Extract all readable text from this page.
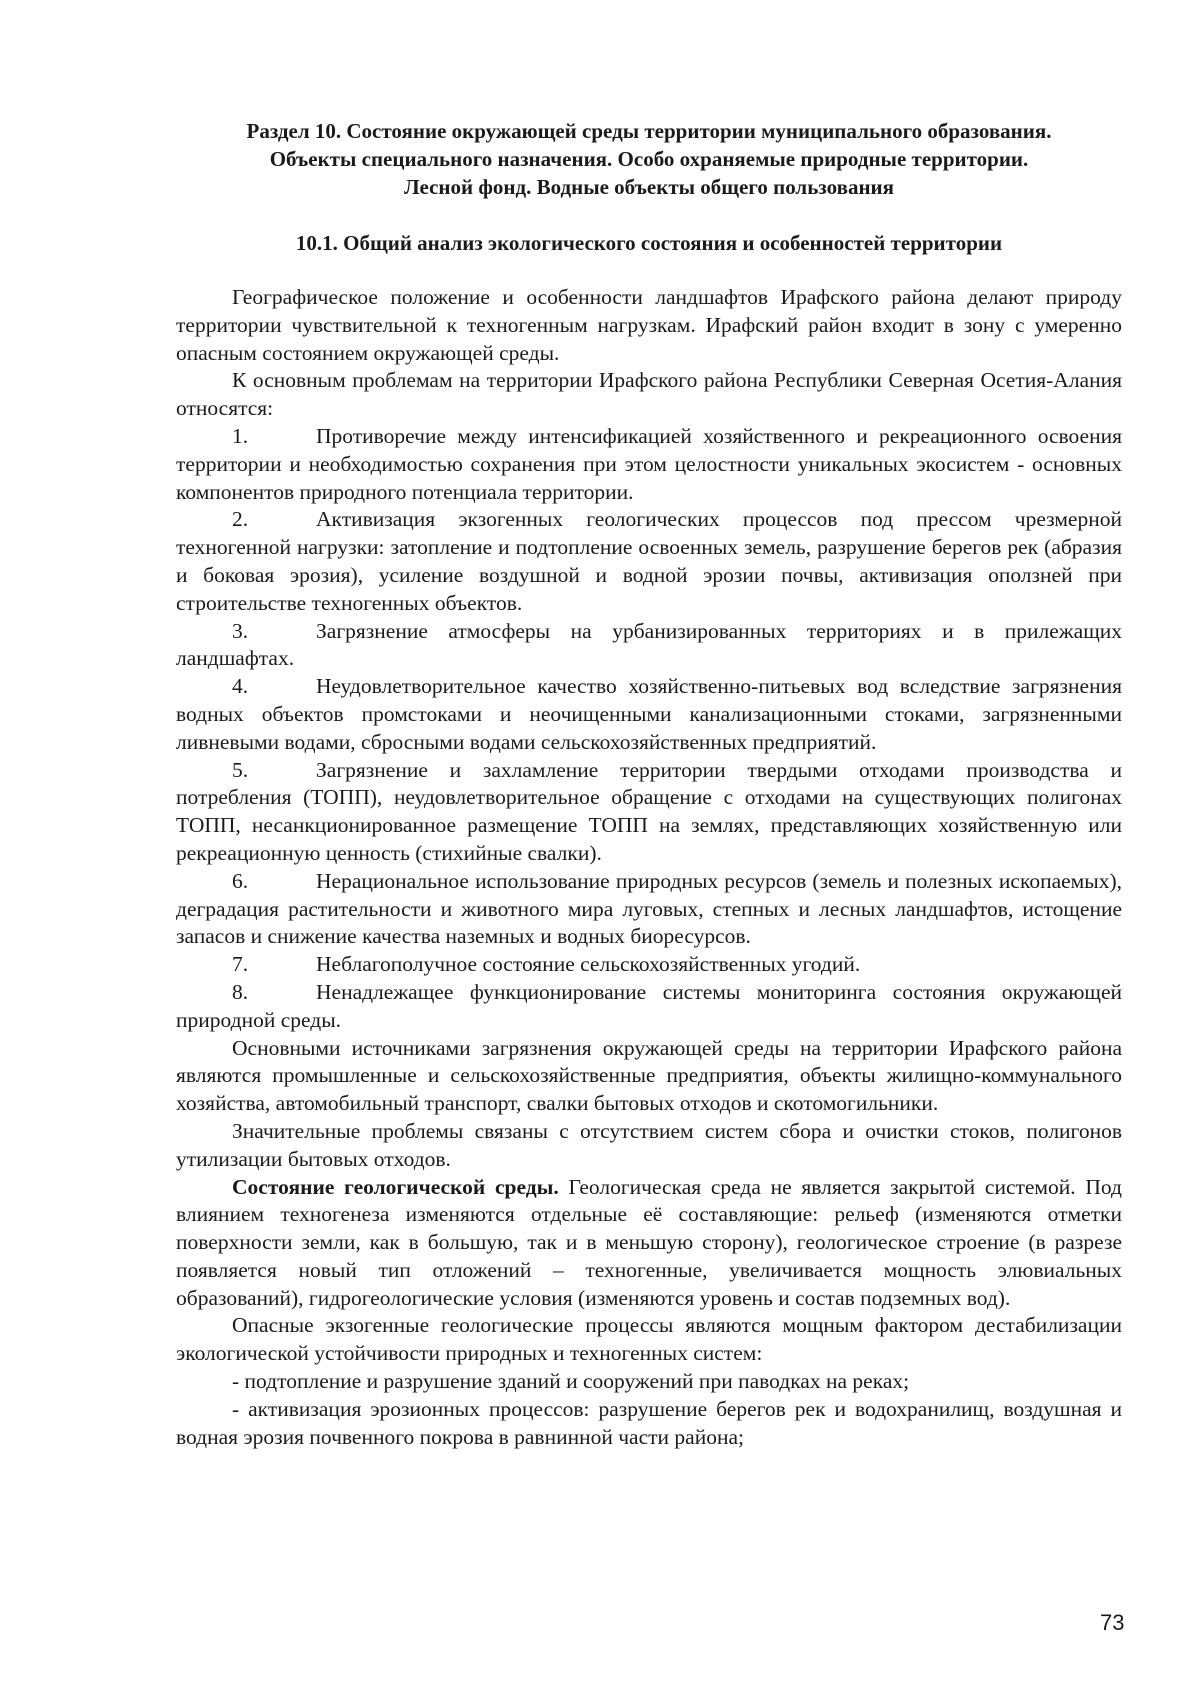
Раздел 10. Состояние окружающей среды территории муниципального образования.
Объекты специального назначения. Особо охраняемые природные территории.
Лесной фонд. Водные объекты общего пользования

10.1. Общий анализ экологического состояния и особенностей территории

Географическое положение и особенности ландшафтов Ирафского района делают природу территории чувствительной к техногенным нагрузкам. Ирафский район входит в зону с умеренно опасным состоянием окружающей среды.

К основным проблемам на территории Ирафского района Республики Северная Осетия-Алания относятся:

1.	Противоречие между интенсификацией хозяйственного и рекреационного освоения территории и необходимостью сохранения при этом целостности уникальных экосистем - основных компонентов природного потенциала территории.

2.	Активизация экзогенных геологических процессов под прессом чрезмерной техногенной нагрузки: затопление и подтопление освоенных земель, разрушение берегов рек (абразия и боковая эрозия), усиление воздушной и водной эрозии почвы, активизация оползней при строительстве техногенных объектов.

3.	Загрязнение атмосферы на урбанизированных территориях и в прилежащих ландшафтах.

4.	Неудовлетворительное качество хозяйственно-питьевых вод вследствие загрязнения водных объектов промстоками и неочищенными канализационными стоками, загрязненными ливневыми водами, сбросными водами сельскохозяйственных предприятий.

5.	Загрязнение и захламление территории твердыми отходами производства и потребления (ТОПП), неудовлетворительное обращение с отходами на существующих полигонах ТОПП, несанкционированное размещение ТОПП на землях, представляющих хозяйственную или рекреационную ценность (стихийные свалки).

6.	Нерациональное использование природных ресурсов (земель и полезных ископаемых), деградация растительности и животного мира луговых, степных и лесных ландшафтов, истощение запасов и снижение качества наземных и водных биоресурсов.

7.	Неблагополучное состояние сельскохозяйственных угодий.

8.	Ненадлежащее функционирование системы мониторинга состояния окружающей природной среды.

Основными источниками загрязнения окружающей среды на территории Ирафского района являются промышленные и сельскохозяйственные предприятия, объекты жилищно-коммунального хозяйства, автомобильный транспорт, свалки бытовых отходов и скотомогильники.

Значительные проблемы связаны с отсутствием систем сбора и очистки стоков, полигонов утилизации бытовых отходов.

Состояние геологической среды. Геологическая среда не является закрытой системой. Под влиянием техногенеза изменяются отдельные её составляющие: рельеф (изменяются отметки поверхности земли, как в большую, так и в меньшую сторону), геологическое строение (в разрезе появляется новый тип отложений – техногенные, увеличивается мощность элювиальных образований), гидрогеологические условия (изменяются уровень и состав подземных вод).

Опасные экзогенные геологические процессы являются мощным фактором дестабилизации экологической устойчивости природных и техногенных систем:

- подтопление и разрушение зданий и сооружений при паводках на реках;

- активизация эрозионных процессов: разрушение берегов рек и водохранилищ, воздушная и водная эрозия почвенного покрова в равнинной части района;

73
